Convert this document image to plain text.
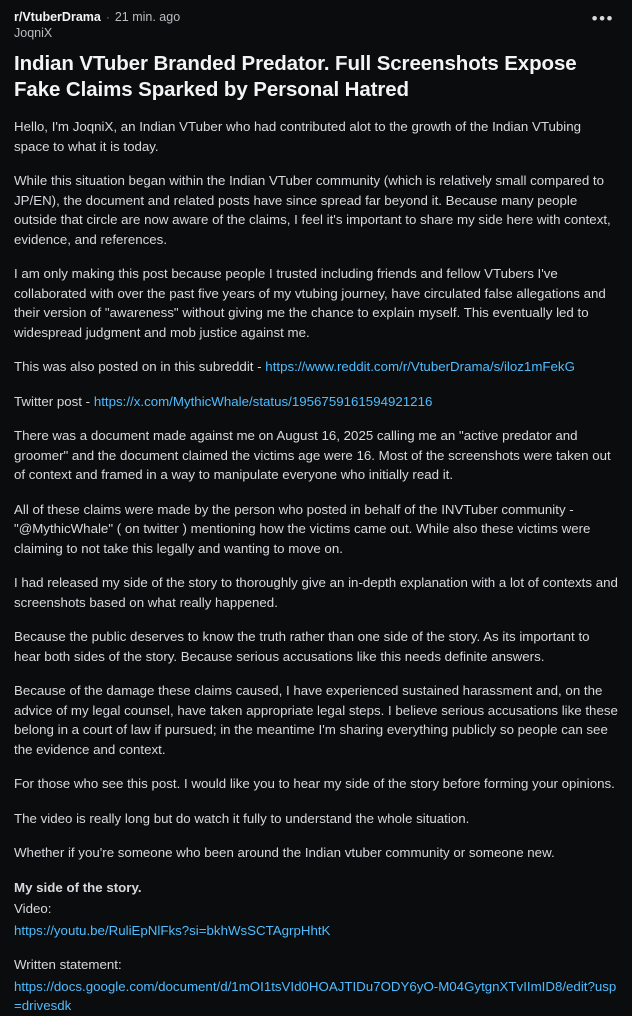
r/VtuberDrama · 21 min. ago
JoqniX
•••
Indian VTuber Branded Predator. Full Screenshots Expose Fake Claims Sparked by Personal Hatred

Hello, I'm JoqniX, an Indian VTuber who had contributed alot to the growth of the Indian VTubing space to what it is today.

While this situation began within the Indian VTuber community (which is relatively small compared to JP/EN), the document and related posts have since spread far beyond it. Because many people outside that circle are now aware of the claims, I feel it's important to share my side here with context, evidence, and references.

I am only making this post because people I trusted including friends and fellow VTubers I've collaborated with over the past five years of my vtubing journey, have circulated false allegations and their version of "awareness" without giving me the chance to explain myself. This eventually led to widespread judgment and mob justice against me.

This was also posted on in this subreddit - https://www.reddit.com/r/VtuberDrama/s/iloz1mFekG

Twitter post - https://x.com/MythicWhale/status/1956759161594921216

There was a document made against me on August 16, 2025 calling me an "active predator and groomer" and the document claimed the victims age were 16. Most of the screenshots were taken out of context and framed in a way to manipulate everyone who initially read it.

All of these claims were made by the person who posted in behalf of the INVTuber community - "@MythicWhale" ( on twitter ) mentioning how the victims came out. While also these victims were claiming to not take this legally and wanting to move on.

I had released my side of the story to thoroughly give an in-depth explanation with a lot of contexts and screenshots based on what really happened.

Because the public deserves to know the truth rather than one side of the story. As its important to hear both sides of the story. Because serious accusations like this needs definite answers.

Because of the damage these claims caused, I have experienced sustained harassment and, on the advice of my legal counsel, have taken appropriate legal steps. I believe serious accusations like these belong in a court of law if pursued; in the meantime I'm sharing everything publicly so people can see the evidence and context.

For those who see this post. I would like you to hear my side of the story before forming your opinions.

The video is really long but do watch it fully to understand the whole situation.

Whether if you're someone who been around the Indian vtuber community or someone new.

My side of the story.

Video:

https://youtu.be/RuliEpNlFks?si=bkhWsSCTAgrpHhtK

Written statement:

https://docs.google.com/document/d/1mOI1tsVId0HOAJTIDu7ODY6yO-M04GytgnXTvIImID8/edit?usp=drivesdk
